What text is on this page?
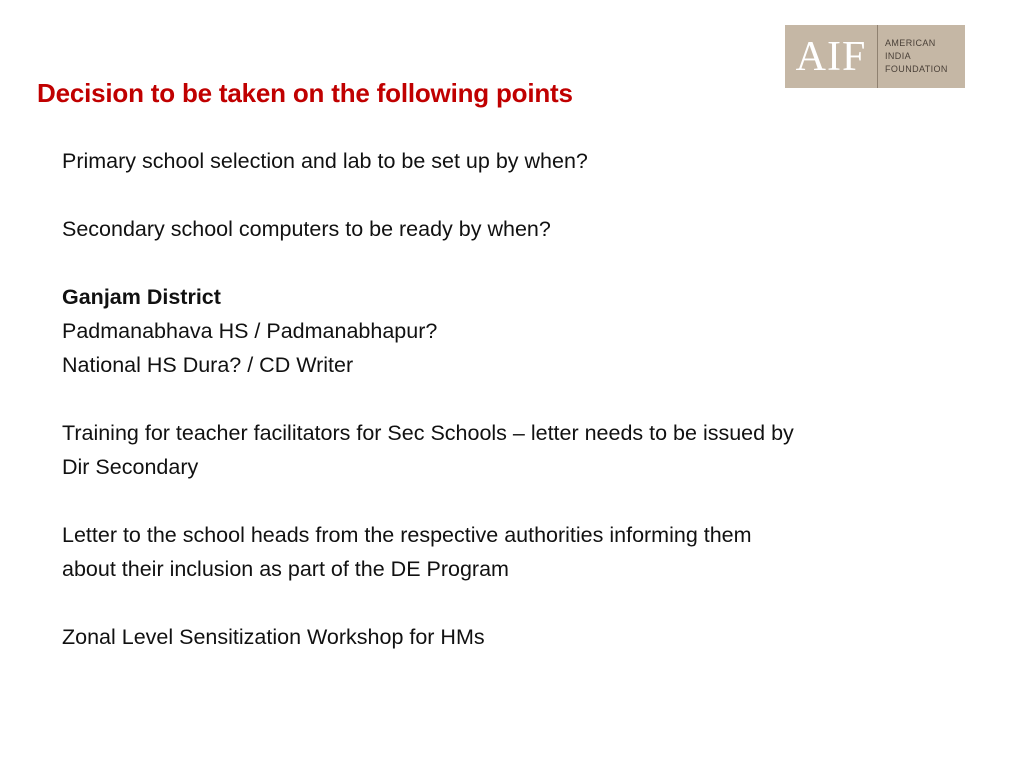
AIF	AMERICAN
INDIA
FOUNDATION
Decision to be taken on the following points
Primary school selection and lab to be set up by when?
Secondary school computers to be ready by when?
Ganjam District
Padmanabhava HS / Padmanabhapur?
National HS Dura? / CD Writer
Training for teacher facilitators for Sec Schools – letter needs to be issued by
Dir Secondary
Letter to the school heads from the respective authorities informing them
about their inclusion as part of the DE Program
Zonal Level Sensitization Workshop for HMs
